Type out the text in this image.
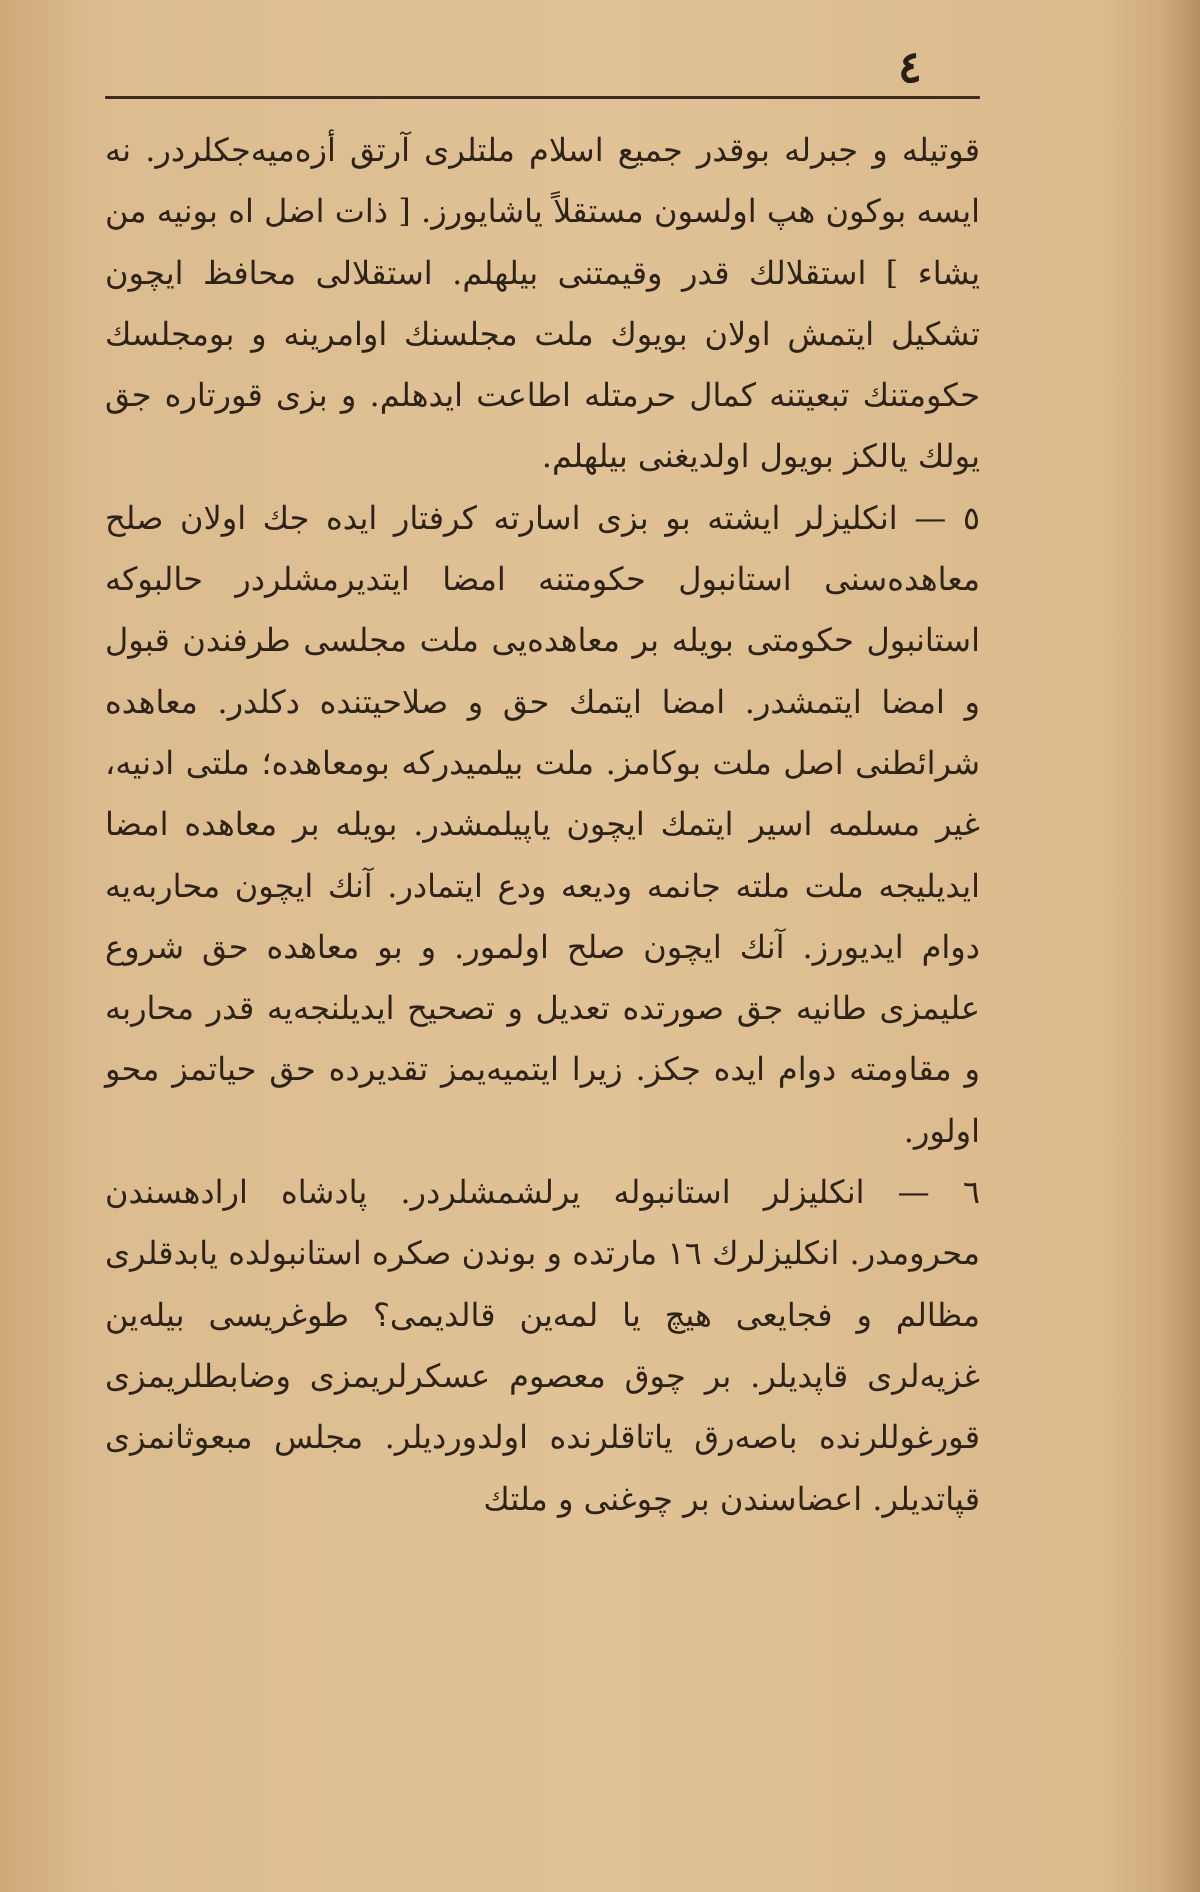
٤

قوتیله و جبرله بوقدر جمیع اسلام ملتلری آرتق أزه‌میه‌جکلردر. نه ایسه بوکون هپ اولسون مستقلاً یاشایورز. [ ذات اضل اه بونیه من یشاء ] استقلالك قدر وقیمتنی بیلهلم. استقلالی محافظ ایچون تشکیل ایتمش اولان بویوك ملت مجلسنك اوامرینه و بومجلسك حکومتنك تبعیتنه کمال حرمتله اطاعت ایدهلم. و بزی قورتاره جق یولك یالکز بویول اولدیغنی بیلهلم.

٥ — انکلیزلر ایشته بو بزی اسارته کرفتار ایده جك اولان صلح معاهده‌سنی استانبول حکومتنه امضا ایتدیرمشلردر حالبوکه استانبول حکومتی بویله بر معاهده‌یی ملت مجلسی طرفندن قبول و امضا ایتمشدر. امضا ایتمك حق و صلاحیتنده دکلدر. معاهده شرائطنی اصل ملت بوکامز. ملت بیلمیدرکه بومعاهده؛ ملتی ادنیه، غیر مسلمه اسیر ایتمك ایچون یاپیلمشدر. بویله بر معاهده امضا ایدیلیجه ملت ملته جانمه ودیعه ودع ایتمادر. آنك ایچون محاربه‌یه دوام ایدیورز. آنك ایچون صلح اولمور. و بو معاهده حق شروع علیمزی طانیه جق صورتده تعدیل و تصحیح ایدیلنجه‌یه قدر محاربه و مقاومته دوام ایده جکز. زیرا ایتمیه‌یمز تقدیرده حق حیاتمز محو اولور.

٦ — انکلیزلر استانبوله یرلشمشلردر. پادشاه ارادهسندن محرومدر. انکلیزلرك ١٦ مارتده و بوندن صکره استانبولده یابدقلری مظالم و فجایعی هیچ یا لمه‌ین قالدیمی؟ طوغریسی بیله‌ین غزیه‌لری قاپدیلر. بر چوق معصوم عسکرلریمزی وضابطلریمزی قورغوللرنده باصه‌رق یاتاقلرنده اولدوردیلر. مجلس مبعوثانمزی قپاتدیلر. اعضاسندن بر چوغنی و ملتك
